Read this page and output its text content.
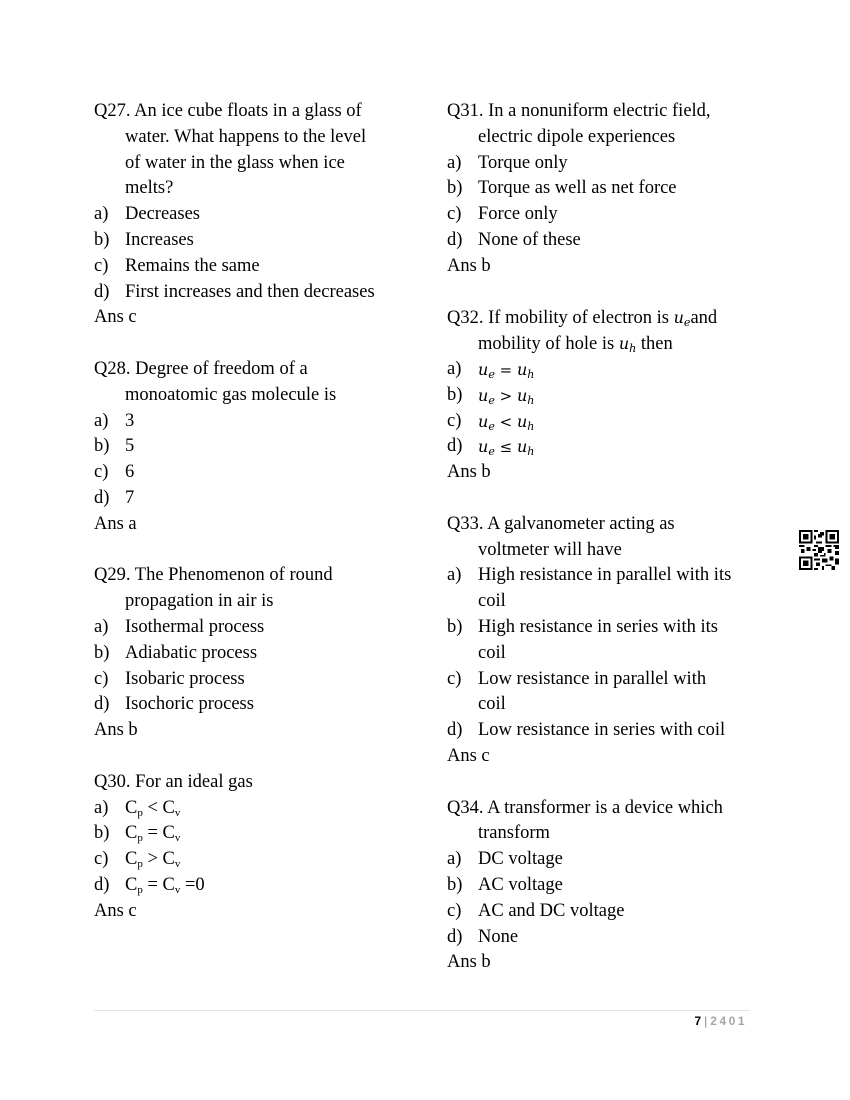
Q27. An ice cube floats in a glass of
water. What happens to the level
of water in the glass when ice
melts?
a) Decreases
b) Increases
c) Remains the same
d) First increases and then decreases
Ans c
Q28. Degree of freedom of a
monoatomic gas molecule is
a) 3
b) 5
c) 6
d) 7
Ans a
Q29. The Phenomenon of round
propagation in air is
a) Isothermal process
b) Adiabatic process
c) Isobaric process
d) Isochoric process
Ans b
Q30. For an ideal gas
a) $C_p < C_v$
b) $C_p = C_v$
c) $C_p > C_v$
d) $C_p = C_v =0$
Ans c
Q31. In a nonuniform electric field,
electric dipole experiences
a) Torque only
b) Torque as well as net force
c) Force only
d) None of these
Ans b
Q32. If mobility of electron is $u_eand$
mobility of hole is $u_h$ then
a)	$u_e = u_h$
b) $u_e > u_h$
c)	$u_e < u_h$
d) $u_e \le u_h$
Ans b
Q33. A galvanometer acting as
voltmeter will have
a) High resistance in parallel with its
coil
b) High resistance in series with its
coil
c) Low resistance in parallel with
coil
d) Low resistance in series with coil
Ans c
Q34. A transformer is a device which
transform
a) DC voltage
b) AC voltage
c) AC and DC voltage
d) None
Ans b
7 | 2401
